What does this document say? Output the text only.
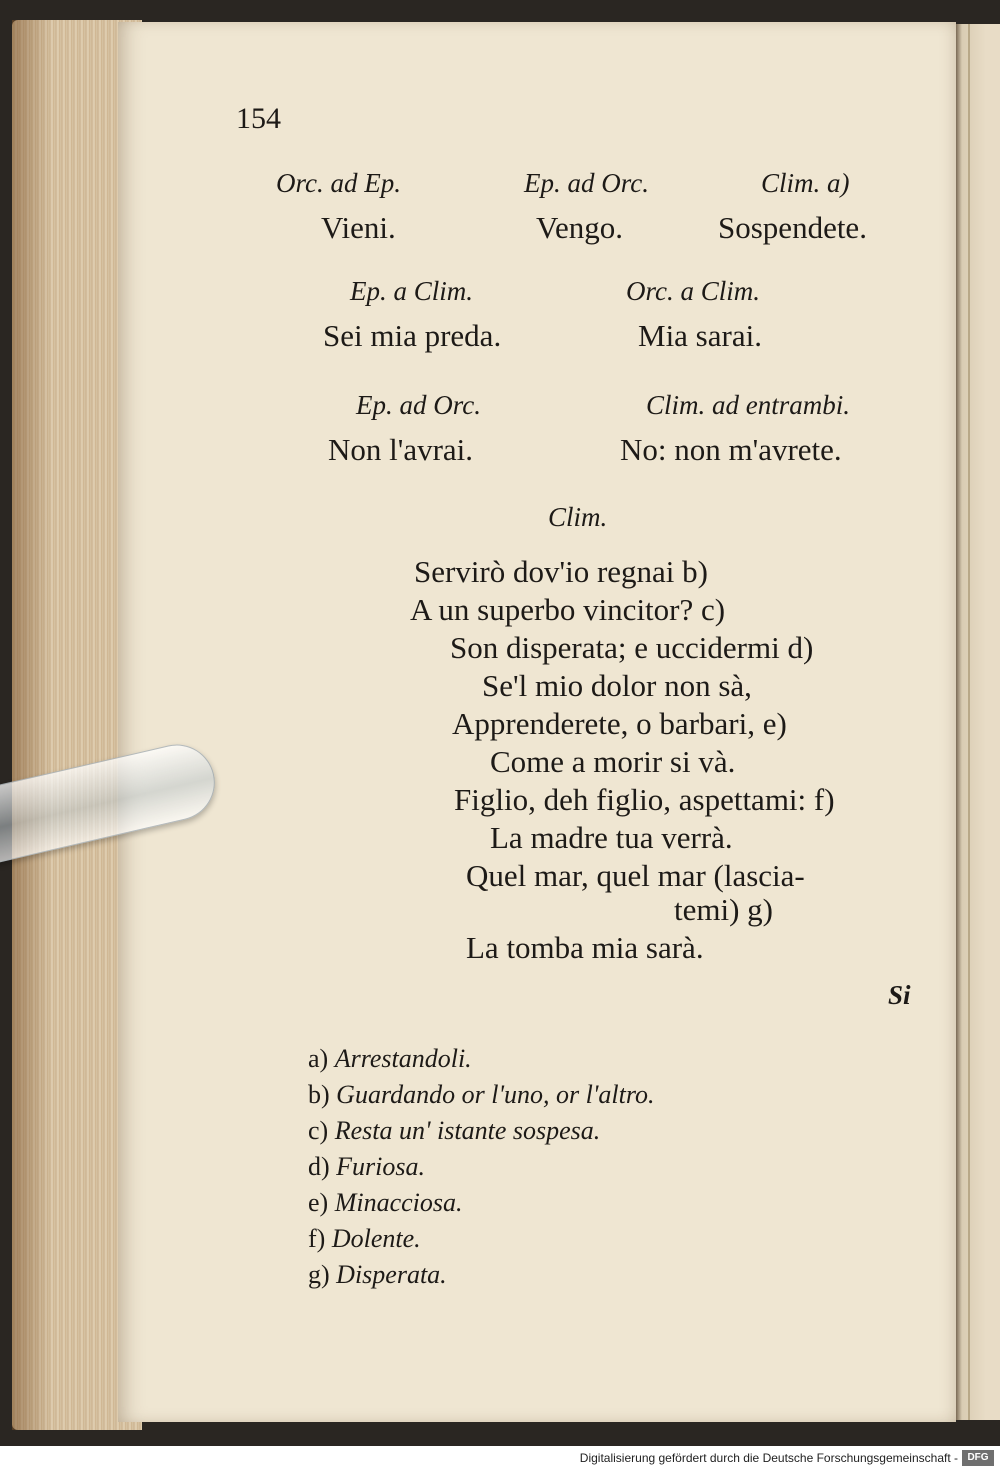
154
Orc. ad Ep.	Ep. ad Orc.	Clim. a)
Vieni.	Vengo.	Sospendete.
Ep. a Clim.	Orc. a Clim.
Sei mia preda.	Mia sarai.
Ep. ad Orc.	Clim. ad entrambi.
Non l'avrai.	No: non m'avrete.
Clim.
Servirò dov'io regnai b)
A un superbo vincitor? c)
Son disperata; e uccidermi d)
Se'l mio dolor non sà,
Apprenderete, o barbari, e)
Come a morir si và.
Figlio, deh figlio, aspettami: f)
La madre tua verrà.
Quel mar, quel mar (lascia-
temi) g)
La tomba mia sarà.
Si
a) Arrestandoli.
b) Guardando or l'uno, or l'altro.
c) Resta un' istante sospesa.
d) Furiosa.
e) Minacciosa.
f) Dolente.
g) Disperata.
Digitalisierung gefördert durch die Deutsche Forschungsgemeinschaft - DFG
